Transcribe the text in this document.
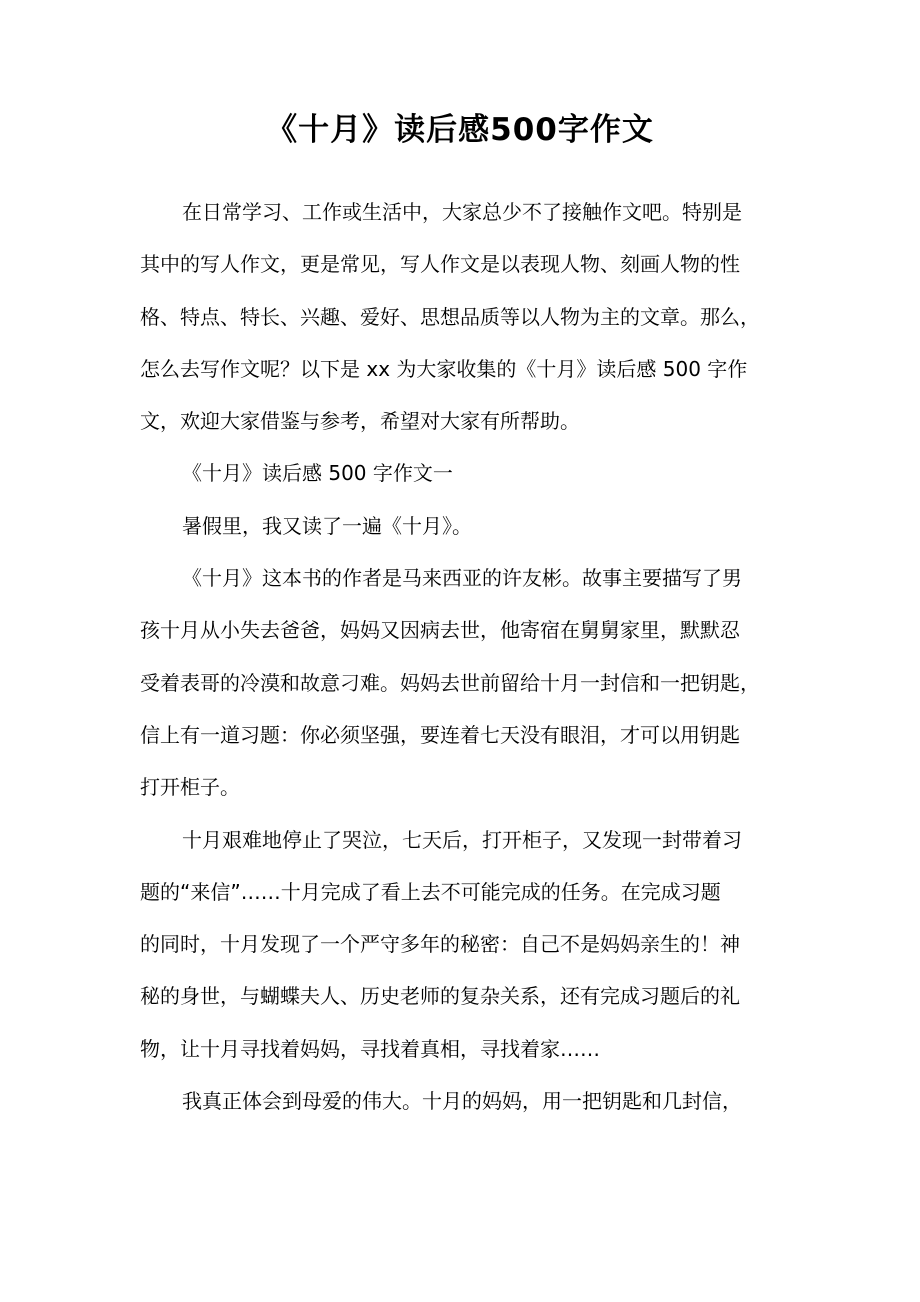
《十月》读后感500字作文
在日常学习、工作或生活中，大家总少不了接触作文吧。特别是
其中的写人作文，更是常见，写人作文是以表现人物、刻画人物的性
格、特点、特长、兴趣、爱好、思想品质等以人物为主的文章。那么，
怎么去写作文呢？以下是 xx 为大家收集的《十月》读后感 500 字作
文，欢迎大家借鉴与参考，希望对大家有所帮助。
《十月》读后感 500 字作文一
暑假里，我又读了一遍《十月》。
《十月》这本书的作者是马来西亚的许友彬。故事主要描写了男
孩十月从小失去爸爸，妈妈又因病去世，他寄宿在舅舅家里，默默忍
受着表哥的冷漠和故意刁难。妈妈去世前留给十月一封信和一把钥匙，
信上有一道习题：你必须坚强，要连着七天没有眼泪，才可以用钥匙
打开柜子。
十月艰难地停止了哭泣，七天后，打开柜子，又发现一封带着习
题的“来信”……十月完成了看上去不可能完成的任务。在完成习题
的同时，十月发现了一个严守多年的秘密：自己不是妈妈亲生的！神
秘的身世，与蝴蝶夫人、历史老师的复杂关系，还有完成习题后的礼
物，让十月寻找着妈妈，寻找着真相，寻找着家……
我真正体会到母爱的伟大。十月的妈妈，用一把钥匙和几封信，
